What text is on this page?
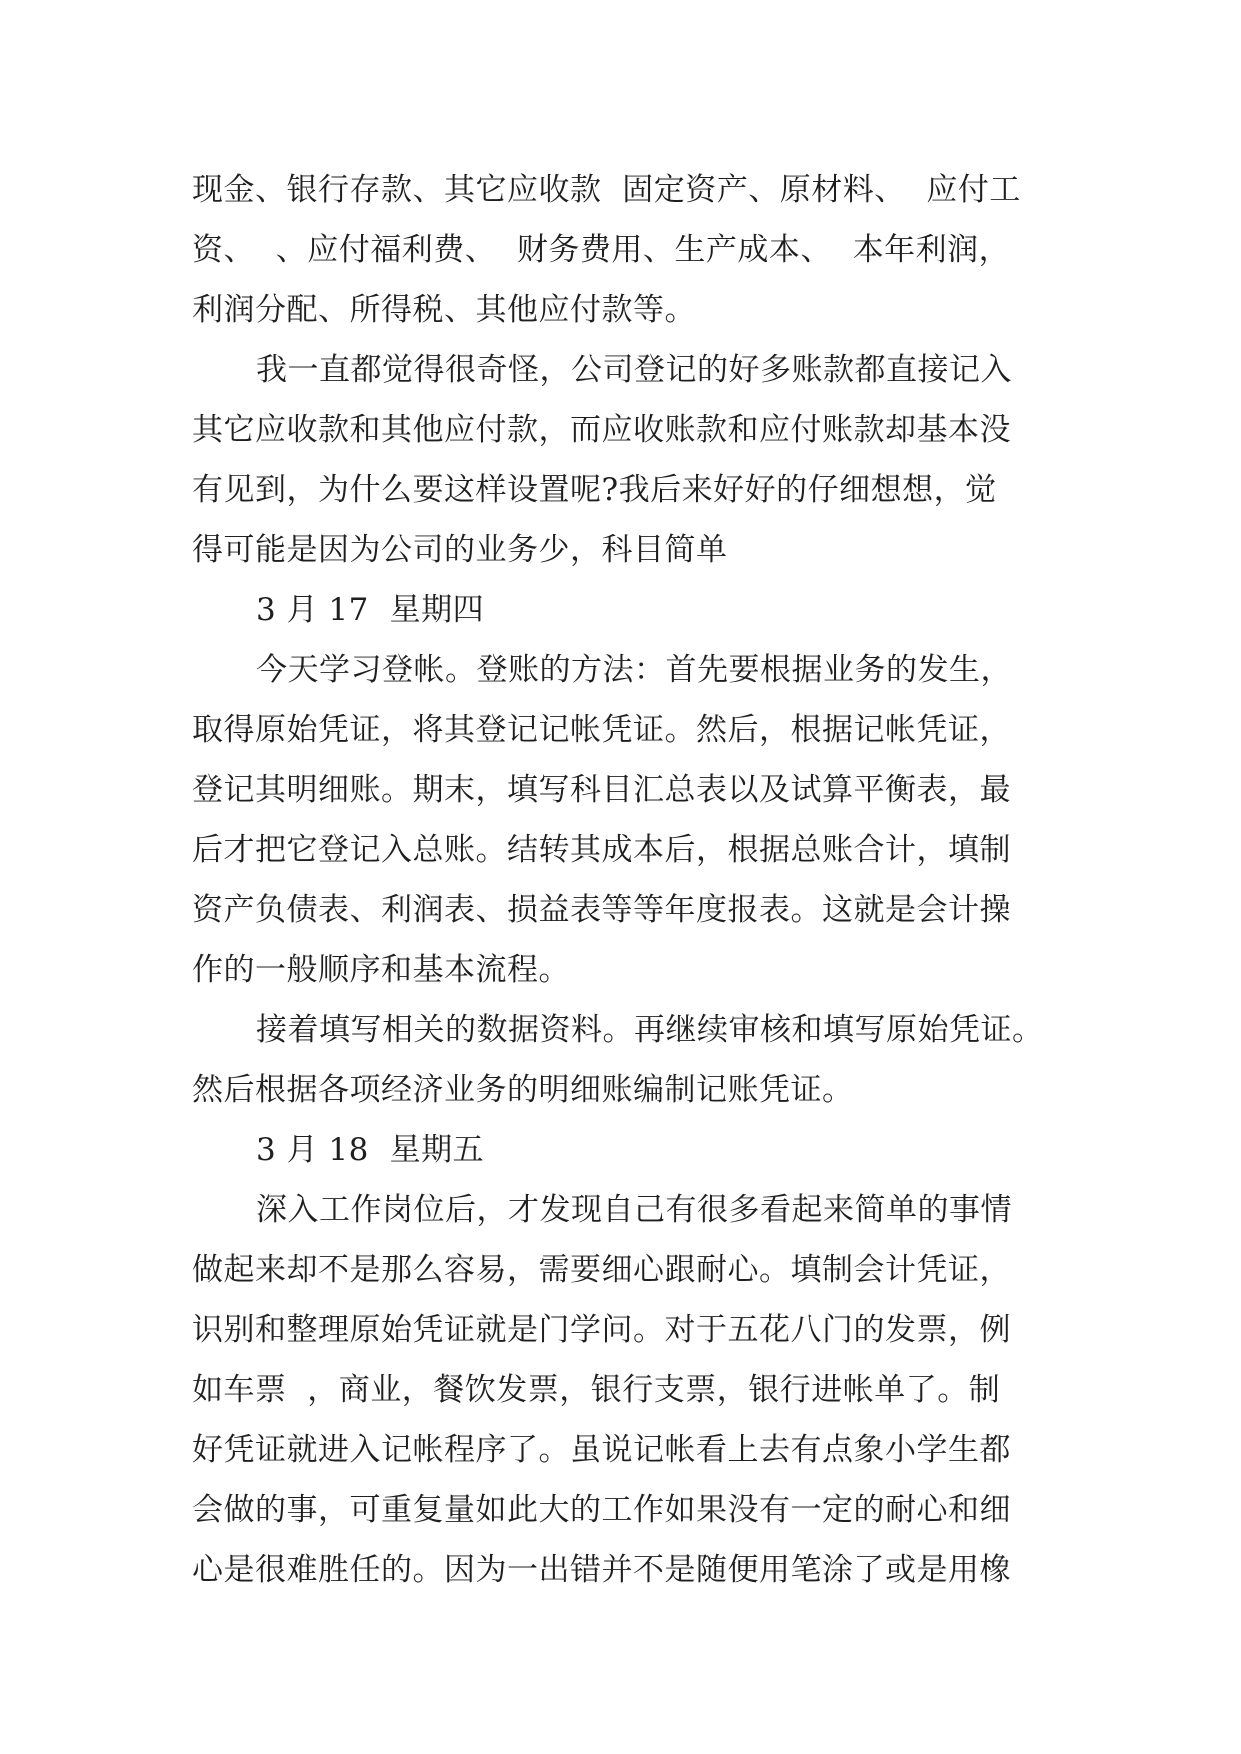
现金、银行存款、其它应收款  固定资产、原材料、  应付工
资、  、应付福利费、  财务费用、生产成本、  本年利润，
利润分配、所得税、其他应付款等。
我一直都觉得很奇怪，公司登记的好多账款都直接记入
其它应收款和其他应付款，而应收账款和应付账款却基本没
有见到，为什么要这样设置呢?我后来好好的仔细想想，觉
得可能是因为公司的业务少，科目简单
3 月 17  星期四
今天学习登帐。登账的方法：首先要根据业务的发生，
取得原始凭证，将其登记记帐凭证。然后，根据记帐凭证，
登记其明细账。期末，填写科目汇总表以及试算平衡表，最
后才把它登记入总账。结转其成本后，根据总账合计，填制
资产负债表、利润表、损益表等等年度报表。这就是会计操
作的一般顺序和基本流程。
接着填写相关的数据资料。再继续审核和填写原始凭证。
然后根据各项经济业务的明细账编制记账凭证。
3 月 18  星期五
深入工作岗位后，才发现自己有很多看起来简单的事情
做起来却不是那么容易，需要细心跟耐心。填制会计凭证，
识别和整理原始凭证就是门学问。对于五花八门的发票，例
如车票  ，商业，餐饮发票，银行支票，银行进帐单了。制
好凭证就进入记帐程序了。虽说记帐看上去有点象小学生都
会做的事，可重复量如此大的工作如果没有一定的耐心和细
心是很难胜任的。因为一出错并不是随便用笔涂了或是用橡
